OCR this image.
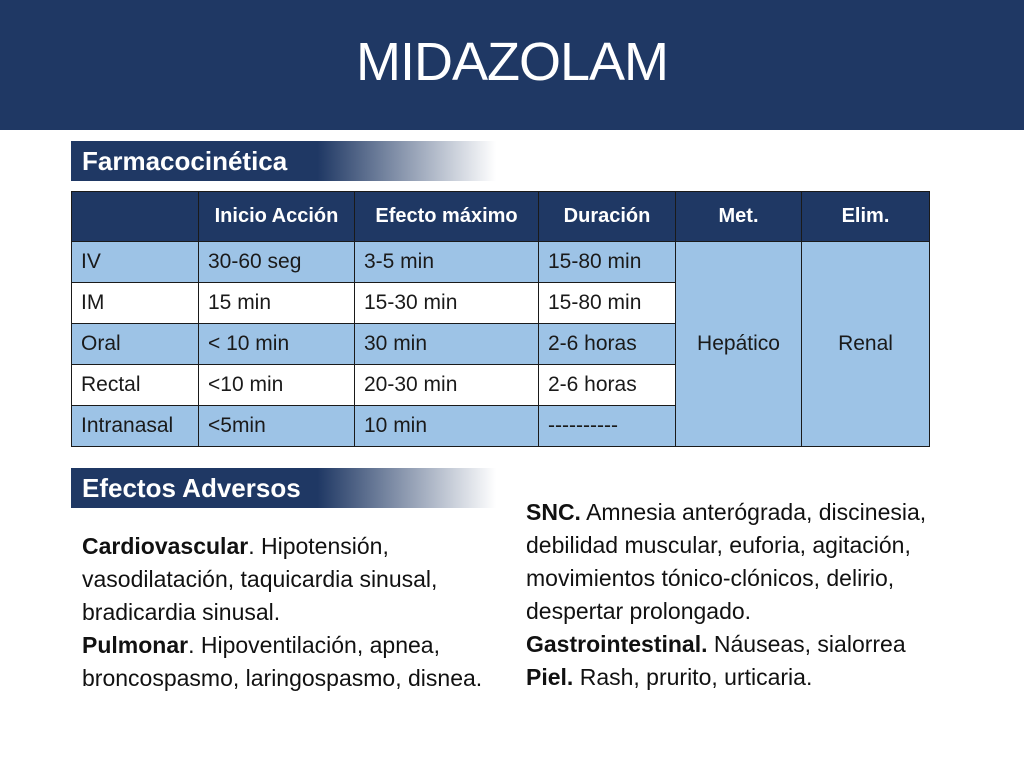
MIDAZOLAM
Farmacocinética
	Inicio Acción	Efecto máximo	Duración	Met.	Elim.
IV	30-60 seg	3-5 min	15-80 min	Hepático	Renal
IM	15 min	15-30 min	15-80 min		
Oral	< 10 min	30 min	2-6 horas		
Rectal	<10 min	20-30 min	2-6 horas		
Intranasal	<5min	10 min	----------		
Efectos Adversos
Cardiovascular. Hipotensión, vasodilatación, taquicardia sinusal, bradicardia sinusal.
Pulmonar. Hipoventilación, apnea, broncospasmo, laringospasmo, disnea.
SNC. Amnesia anterógrada, discinesia, debilidad muscular, euforia, agitación, movimientos tónico-clónicos, delirio, despertar prolongado.
Gastrointestinal. Náuseas, sialorrea
Piel. Rash, prurito, urticaria.
